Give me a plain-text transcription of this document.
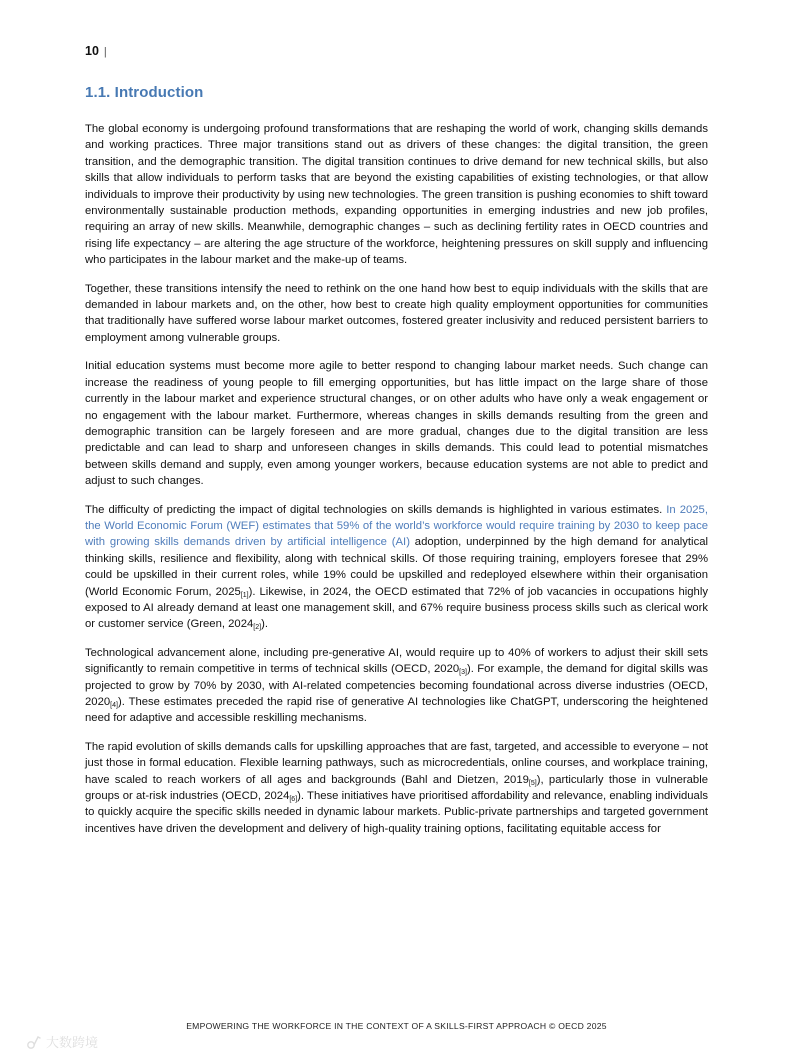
10 |
1.1. Introduction

The global economy is undergoing profound transformations that are reshaping the world of work, changing skills demands and working practices. Three major transitions stand out as drivers of these changes: the digital transition, the green transition, and the demographic transition. The digital transition continues to drive demand for new technical skills, but also skills that allow individuals to perform tasks that are beyond the existing capabilities of existing technologies, or that allow individuals to improve their productivity by using new technologies. The green transition is pushing economies to shift toward environmentally sustainable production methods, expanding opportunities in emerging industries and new job profiles, requiring an array of new skills. Meanwhile, demographic changes – such as declining fertility rates in OECD countries and rising life expectancy – are altering the age structure of the workforce, heightening pressures on skill supply and influencing who participates in the labour market and the make-up of teams.

Together, these transitions intensify the need to rethink on the one hand how best to equip individuals with the skills that are demanded in labour markets and, on the other, how best to create high quality employment opportunities for communities that traditionally have suffered worse labour market outcomes, fostered greater inclusivity and reduced persistent barriers to employment among vulnerable groups.

Initial education systems must become more agile to better respond to changing labour market needs. Such change can increase the readiness of young people to fill emerging opportunities, but has little impact on the large share of those currently in the labour market and experience structural changes, or on other adults who have only a weak engagement or no engagement with the labour market. Furthermore, whereas changes in skills demands resulting from the green and demographic transition can be largely foreseen and are more gradual, changes due to the digital transition are less predictable and can lead to sharp and unforeseen changes in skills demands. This could lead to potential mismatches between skills demand and supply, even among younger workers, because education systems are not able to predict and adjust to such changes.

The difficulty of predicting the impact of digital technologies on skills demands is highlighted in various estimates. In 2025, the World Economic Forum (WEF) estimates that 59% of the world’s workforce would require training by 2030 to keep pace with growing skills demands driven by artificial intelligence (AI) adoption, underpinned by the high demand for analytical thinking skills, resilience and flexibility, along with technical skills. Of those requiring training, employers foresee that 29% could be upskilled in their current roles, while 19% could be upskilled and redeployed elsewhere within their organisation (World Economic Forum, $2025_{[1]}$). Likewise, in 2024, the OECD estimated that 72% of job vacancies in occupations highly exposed to AI already demand at least one management skill, and 67% require business process skills such as clerical work or customer service (Green, $2024_{[2]}$).

Technological advancement alone, including pre-generative AI, would require up to 40% of workers to adjust their skill sets significantly to remain competitive in terms of technical skills (OECD, $2020_{[3]}$). For example, the demand for digital skills was projected to grow by 70% by 2030, with AI-related competencies becoming foundational across diverse industries (OECD, $2020_{[4]}$). These estimates preceded the rapid rise of generative AI technologies like ChatGPT, underscoring the heightened need for adaptive and accessible reskilling mechanisms.

The rapid evolution of skills demands calls for upskilling approaches that are fast, targeted, and accessible to everyone – not just those in formal education. Flexible learning pathways, such as microcredentials, online courses, and workplace training, have scaled to reach workers of all ages and backgrounds (Bahl and Dietzen, $2019_{[5]}$), particularly those in vulnerable groups or at-risk industries (OECD, $2024_{[6]}$). These initiatives have prioritised affordability and relevance, enabling individuals to quickly acquire the specific skills needed in dynamic labour markets. Public-private partnerships and targeted government incentives have driven the development and delivery of high-quality training options, facilitating equitable access for

EMPOWERING THE WORKFORCE IN THE CONTEXT OF A SKILLS-FIRST APPROACH © OECD 2025
大数跨境
